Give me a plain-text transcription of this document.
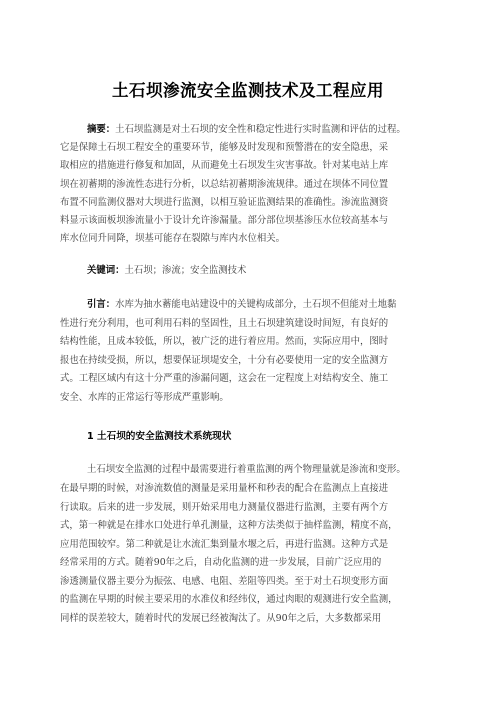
土石坝渗流安全监测技术及工程应用
摘要：土石坝监测是对土石坝的安全性和稳定性进行实时监测和评估的过程。
它是保障土石坝工程安全的重要环节，能够及时发现和预警潜在的安全隐患，采
取相应的措施进行修复和加固，从而避免土石坝发生灾害事故。针对某电站上库
坝在初蓄期的渗流性态进行分析，以总结初蓄期渗流规律。通过在坝体不同位置
布置不同监测仪器对大坝进行监测，以相互验证监测结果的准确性。渗流监测资
料显示该面板坝渗流量小于设计允许渗漏量。部分部位坝基渗压水位较高基本与
库水位同升同降，坝基可能存在裂隙与库内水位相关。
关键词：土石坝；渗流；安全监测技术
引言：水库为抽水蓄能电站建设中的关键构成部分，土石坝不但能对土地黏
性进行充分利用，也可利用石料的坚固性，且土石坝建筑建设时间短，有良好的
结构性能，且成本较低，所以，被广泛的进行着应用。然而，实际应用中，图时
报也在持续受损，所以，想要保证坝堤安全，十分有必要使用一定的安全监测方
式。工程区域内有这十分严重的渗漏问题，这会在一定程度上对结构安全、施工
安全、水库的正常运行等形成严重影响。
1 土石坝的安全监测技术系统现状
土石坝安全监测的过程中最需要进行着重监测的两个物理量就是渗流和变形。
在最早期的时候，对渗流数值的测量是采用量杯和秒表的配合在监测点上直接进
行读取。后来的进一步发展，则开始采用电力测量仪器进行监测，主要有两个方
式，第一种就是在排水口处进行单孔测量，这种方法类似于抽样监测，精度不高，
应用范围较窄。第二种就是让水流汇集到量水堰之后，再进行监测。这种方式是
经常采用的方式。随着90年之后，自动化监测的进一步发展，目前广泛应用的
渗透测量仪器主要分为振弦、电感、电阻、差阻等四类。至于对土石坝变形方面
的监测在早期的时候主要采用的水准仪和经纬仪，通过肉眼的观测进行安全监测，
同样的误差较大，随着时代的发展已经被淘汰了。从90年之后，大多数都采用
